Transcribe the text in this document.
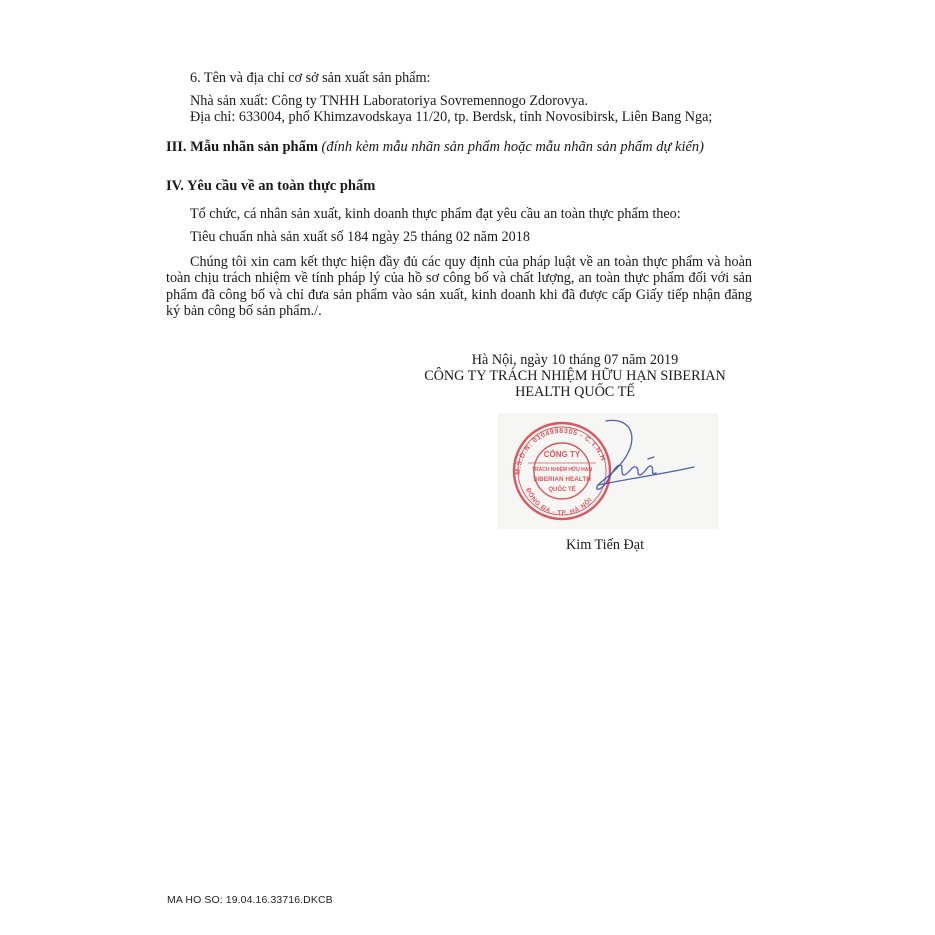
6. Tên và địa chỉ cơ sở sản xuất sản phẩm:
Nhà sản xuất: Công ty TNHH Laboratoriya Sovremennogo Zdorovya.
Địa chỉ: 633004, phố Khimzavodskaya 11/20, tp. Berdsk, tỉnh Novosibirsk, Liên Bang Nga;
III. Mẫu nhãn sản phẩm (đính kèm mẫu nhãn sản phẩm hoặc mẫu nhãn sản phẩm dự kiến)
IV. Yêu cầu về an toàn thực phẩm
Tổ chức, cá nhân sản xuất, kinh doanh thực phẩm đạt yêu cầu an toàn thực phẩm theo:
Tiêu chuẩn nhà sản xuất số 184 ngày 25 tháng 02 năm 2018
Chúng tôi xin cam kết thực hiện đầy đủ các quy định của pháp luật về an toàn thực phẩm và hoàn toàn chịu trách nhiệm về tính pháp lý của hồ sơ công bố và chất lượng, an toàn thực phẩm đối với sản phẩm đã công bố và chỉ đưa sản phẩm vào sản xuất, kinh doanh khi đã được cấp Giấy tiếp nhận đăng ký bản công bố sản phẩm./.
Hà Nội, ngày 10 tháng 07 năm 2019
CÔNG TY TRÁCH NHIỆM HỮU HẠN SIBERIAN
HEALTH QUỐC TẾ
M.S.D.N: 0104998305 - C.T.N.H
ĐỐNG ĐA - TP. HÀ NỘI
CÔNG TY
TRÁCH NHIỆM HỮU HẠN
SIBERIAN HEALTH
QUỐC TẾ
Kim Tiến Đạt
MA HO SO: 19.04.16.33716.DKCB
